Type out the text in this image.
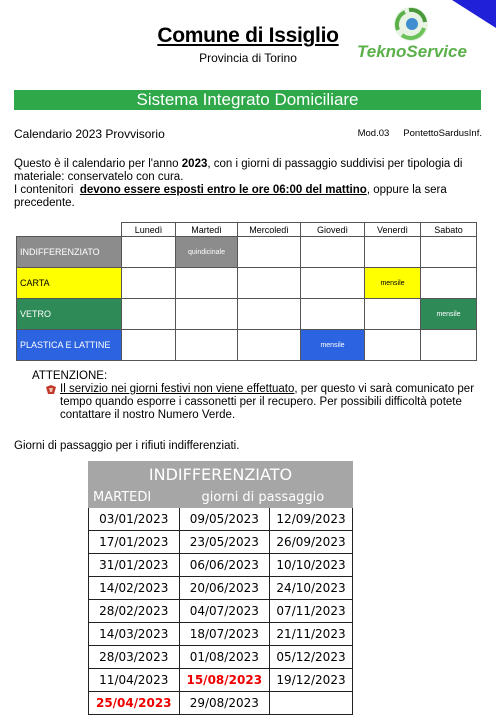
Comune di Issiglio
Provincia di Torino	TeknoService
Sistema Integrato Domiciliare
Calendario 2023 Provvisorio	Mod.03 PontettoSardusInf.
Questo è il calendario per l'anno 2023, con i giorni di passaggio suddivisi per tipologia di materiale: conservatelo con cura.
I contenitori  devono essere esposti entro le ore 06:00 del mattino, oppure la sera precedente.
	Lunedì	Martedì	Mercoledì	Giovedì	Venerdì	Sabato
INDIFFERENZIATO		quindicinale				
CARTA					mensile	
VETRO						mensile
PLASTICA E LATTINE				mensile		
ATTENZIONE:
Il servizio nei giorni festivi non viene effettuato, per questo vi sarà comunicato per tempo quando esporre i cassonetti per il recupero. Per possibili difficoltà potete contattare il nostro Numero Verde.
Giorni di passaggio per i rifiuti indifferenziati.
INDIFFERENZIATO		
MARTEDI	giorni di passaggio	
03/01/2023	09/05/2023	12/09/2023
17/01/2023	23/05/2023	26/09/2023
31/01/2023	06/06/2023	10/10/2023
14/02/2023	20/06/2023	24/10/2023
28/02/2023	04/07/2023	07/11/2023
14/03/2023	18/07/2023	21/11/2023
28/03/2023	01/08/2023	05/12/2023
11/04/2023	15/08/2023	19/12/2023
25/04/2023	29/08/2023	
